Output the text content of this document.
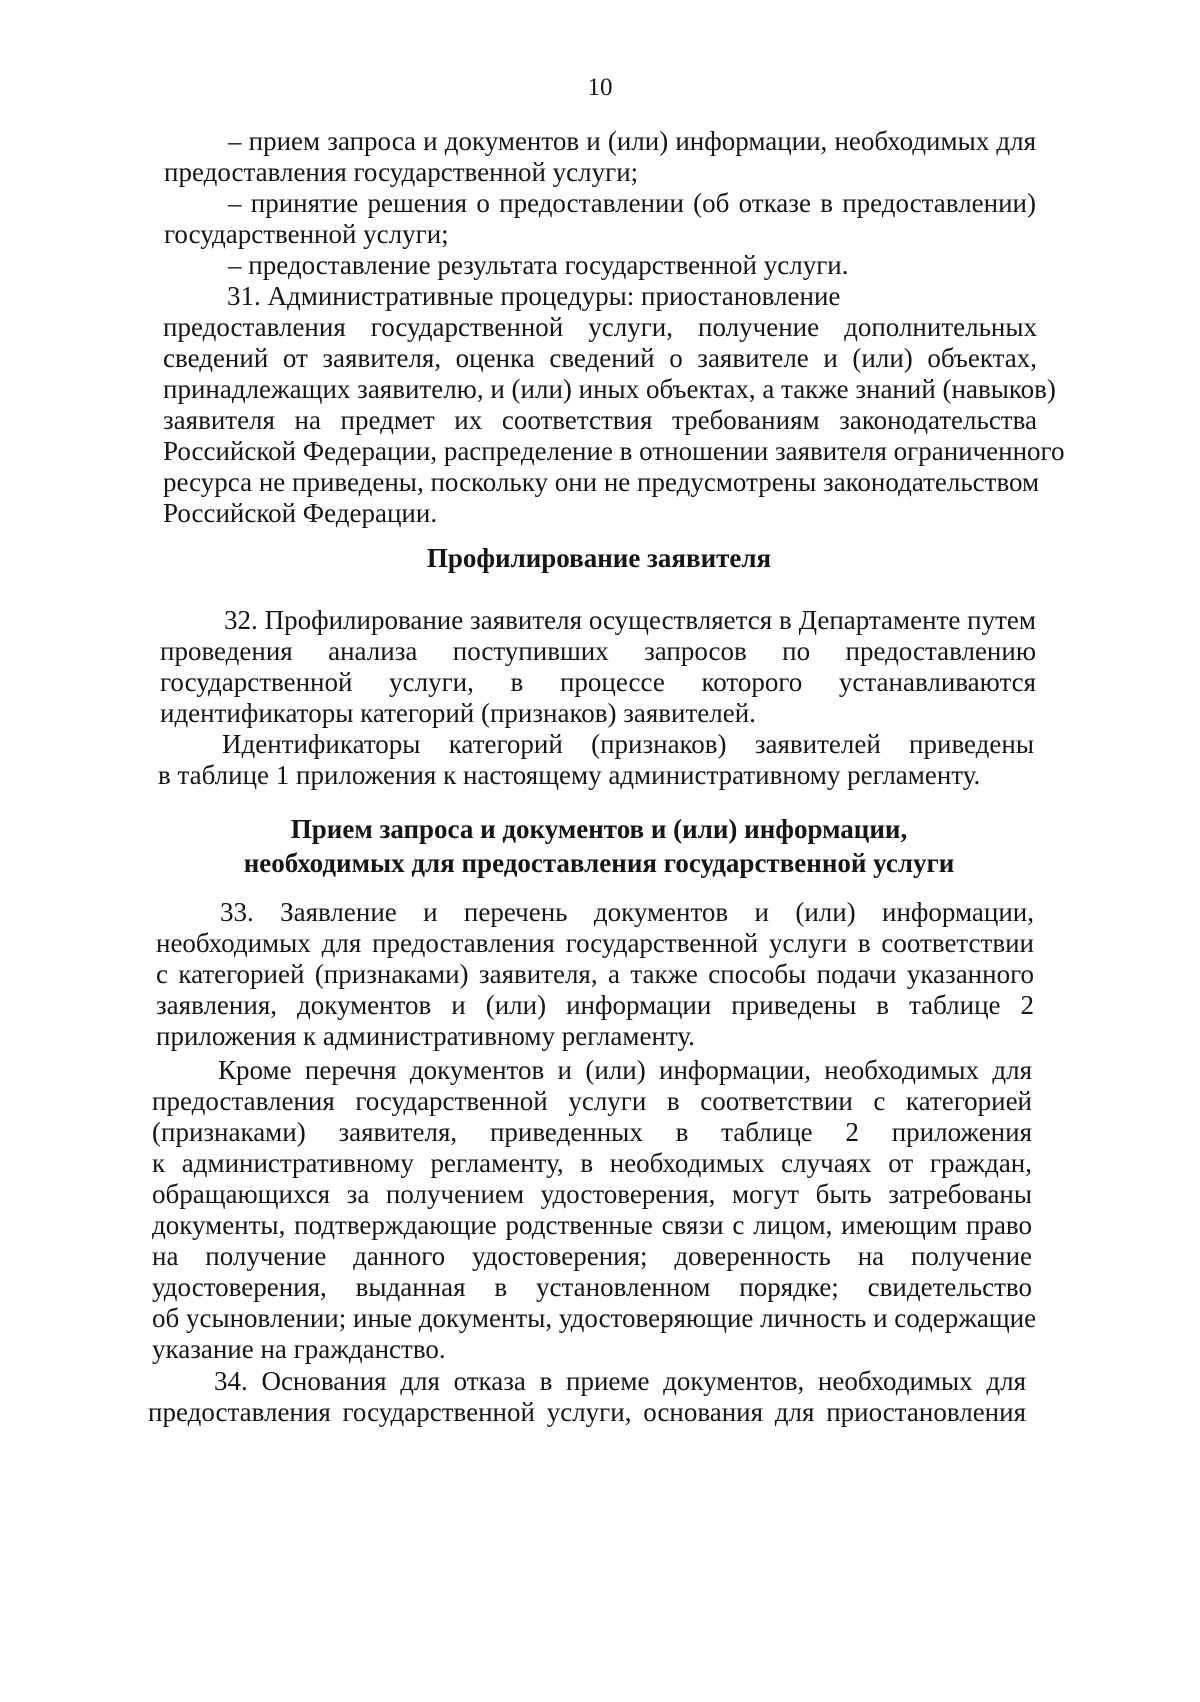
10
– прием запроса и документов и (или) информации, необходимых для
предоставления государственной услуги;
– принятие решения о предоставлении (об отказе в предоставлении)
государственной услуги;
– предоставление результата государственной услуги.
31. Административные процедуры: приостановление
предоставления государственной услуги, получение дополнительных
сведений от заявителя, оценка сведений о заявителе и (или) объектах,
принадлежащих заявителю, и (или) иных объектах, а также знаний (навыков)
заявителя на предмет их соответствия требованиям законодательства
Российской Федерации, распределение в отношении заявителя ограниченного
ресурса не приведены, поскольку они не предусмотрены законодательством
Российской Федерации.
Профилирование заявителя
32. Профилирование заявителя осуществляется в Департаменте путем
проведения анализа поступивших запросов по предоставлению
государственной услуги, в процессе которого устанавливаются
идентификаторы категорий (признаков) заявителей.
Идентификаторы категорий (признаков) заявителей приведены
в таблице 1 приложения к настоящему административному регламенту.
Прием запроса и документов и (или) информации,
необходимых для предоставления государственной услуги
33. Заявление и перечень документов и (или) информации,
необходимых для предоставления государственной услуги в соответствии
с категорией (признаками) заявителя, а также способы подачи указанного
заявления, документов и (или) информации приведены в таблице 2
приложения к административному регламенту.
Кроме перечня документов и (или) информации, необходимых для
предоставления государственной услуги в соответствии с категорией
(признаками) заявителя, приведенных в таблице 2 приложения
к административному регламенту, в необходимых случаях от граждан,
обращающихся за получением удостоверения, могут быть затребованы
документы, подтверждающие родственные связи с лицом, имеющим право
на получение данного удостоверения; доверенность на получение
удостоверения, выданная в установленном порядке; свидетельство
об усыновлении; иные документы, удостоверяющие личность и содержащие
указание на гражданство.
34. Основания для отказа в приеме документов, необходимых для
предоставления государственной услуги, основания для приостановления
